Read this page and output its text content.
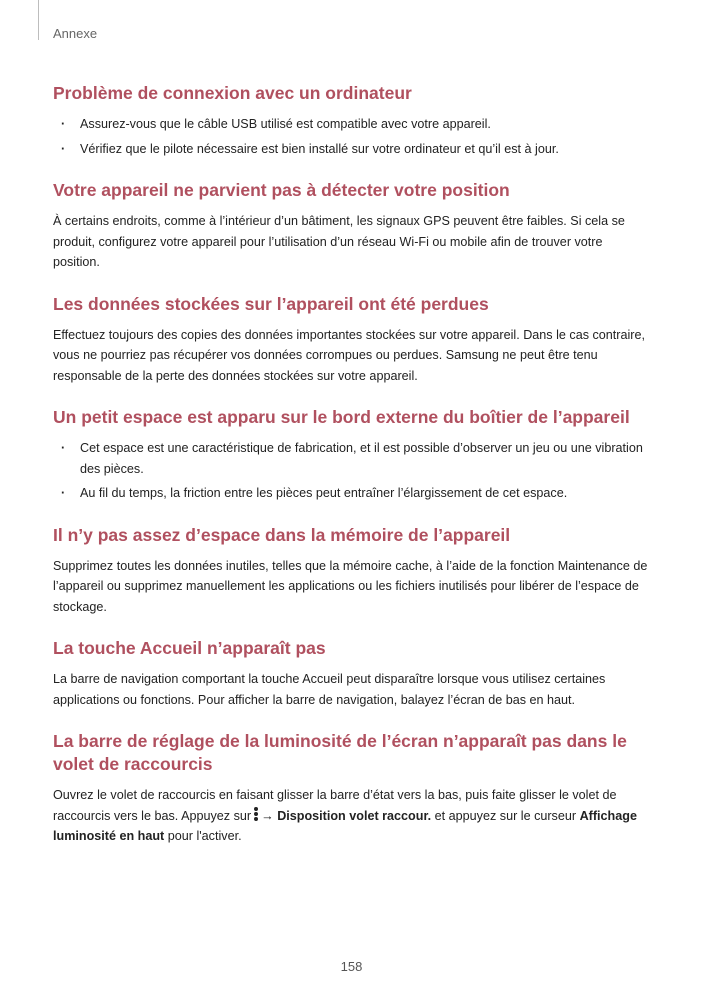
Annexe
Problème de connexion avec un ordinateur
· Assurez-vous que le câble USB utilisé est compatible avec votre appareil.
· Vérifiez que le pilote nécessaire est bien installé sur votre ordinateur et qu’il est à jour.
Votre appareil ne parvient pas à détecter votre position

À certains endroits, comme à l’intérieur d’un bâtiment, les signaux GPS peuvent être faibles. Si cela se produit, configurez votre appareil pour l’utilisation d’un réseau Wi-Fi ou mobile afin de trouver votre position.

Les données stockées sur l’appareil ont été perdues

Effectuez toujours des copies des données importantes stockées sur votre appareil. Dans le cas contraire, vous ne pourriez pas récupérer vos données corrompues ou perdues. Samsung ne peut être tenu responsable de la perte des données stockées sur votre appareil.

Un petit espace est apparu sur le bord externe du boîtier de l’appareil
· Cet espace est une caractéristique de fabrication, et il est possible d’observer un jeu ou une vibration des pièces.
· Au fil du temps, la friction entre les pièces peut entraîner l’élargissement de cet espace.
Il n’y pas assez d’espace dans la mémoire de l’appareil

Supprimez toutes les données inutiles, telles que la mémoire cache, à l’aide de la fonction Maintenance de l’appareil ou supprimez manuellement les applications ou les fichiers inutilisés pour libérer de l’espace de stockage.

La touche Accueil n’apparaît pas

La barre de navigation comportant la touche Accueil peut disparaître lorsque vous utilisez certaines applications ou fonctions. Pour afficher la barre de navigation, balayez l’écran de bas en haut.

La barre de réglage de la luminosité de l’écran n’apparaît pas dans le volet de raccourcis

Ouvrez le volet de raccourcis en faisant glisser la barre d’état vers la bas, puis faite glisser le volet de raccourcis vers le bas. Appuyez sur → Disposition volet raccour. et appuyez sur le curseur Affichage luminosité en haut pour l'activer.

158
